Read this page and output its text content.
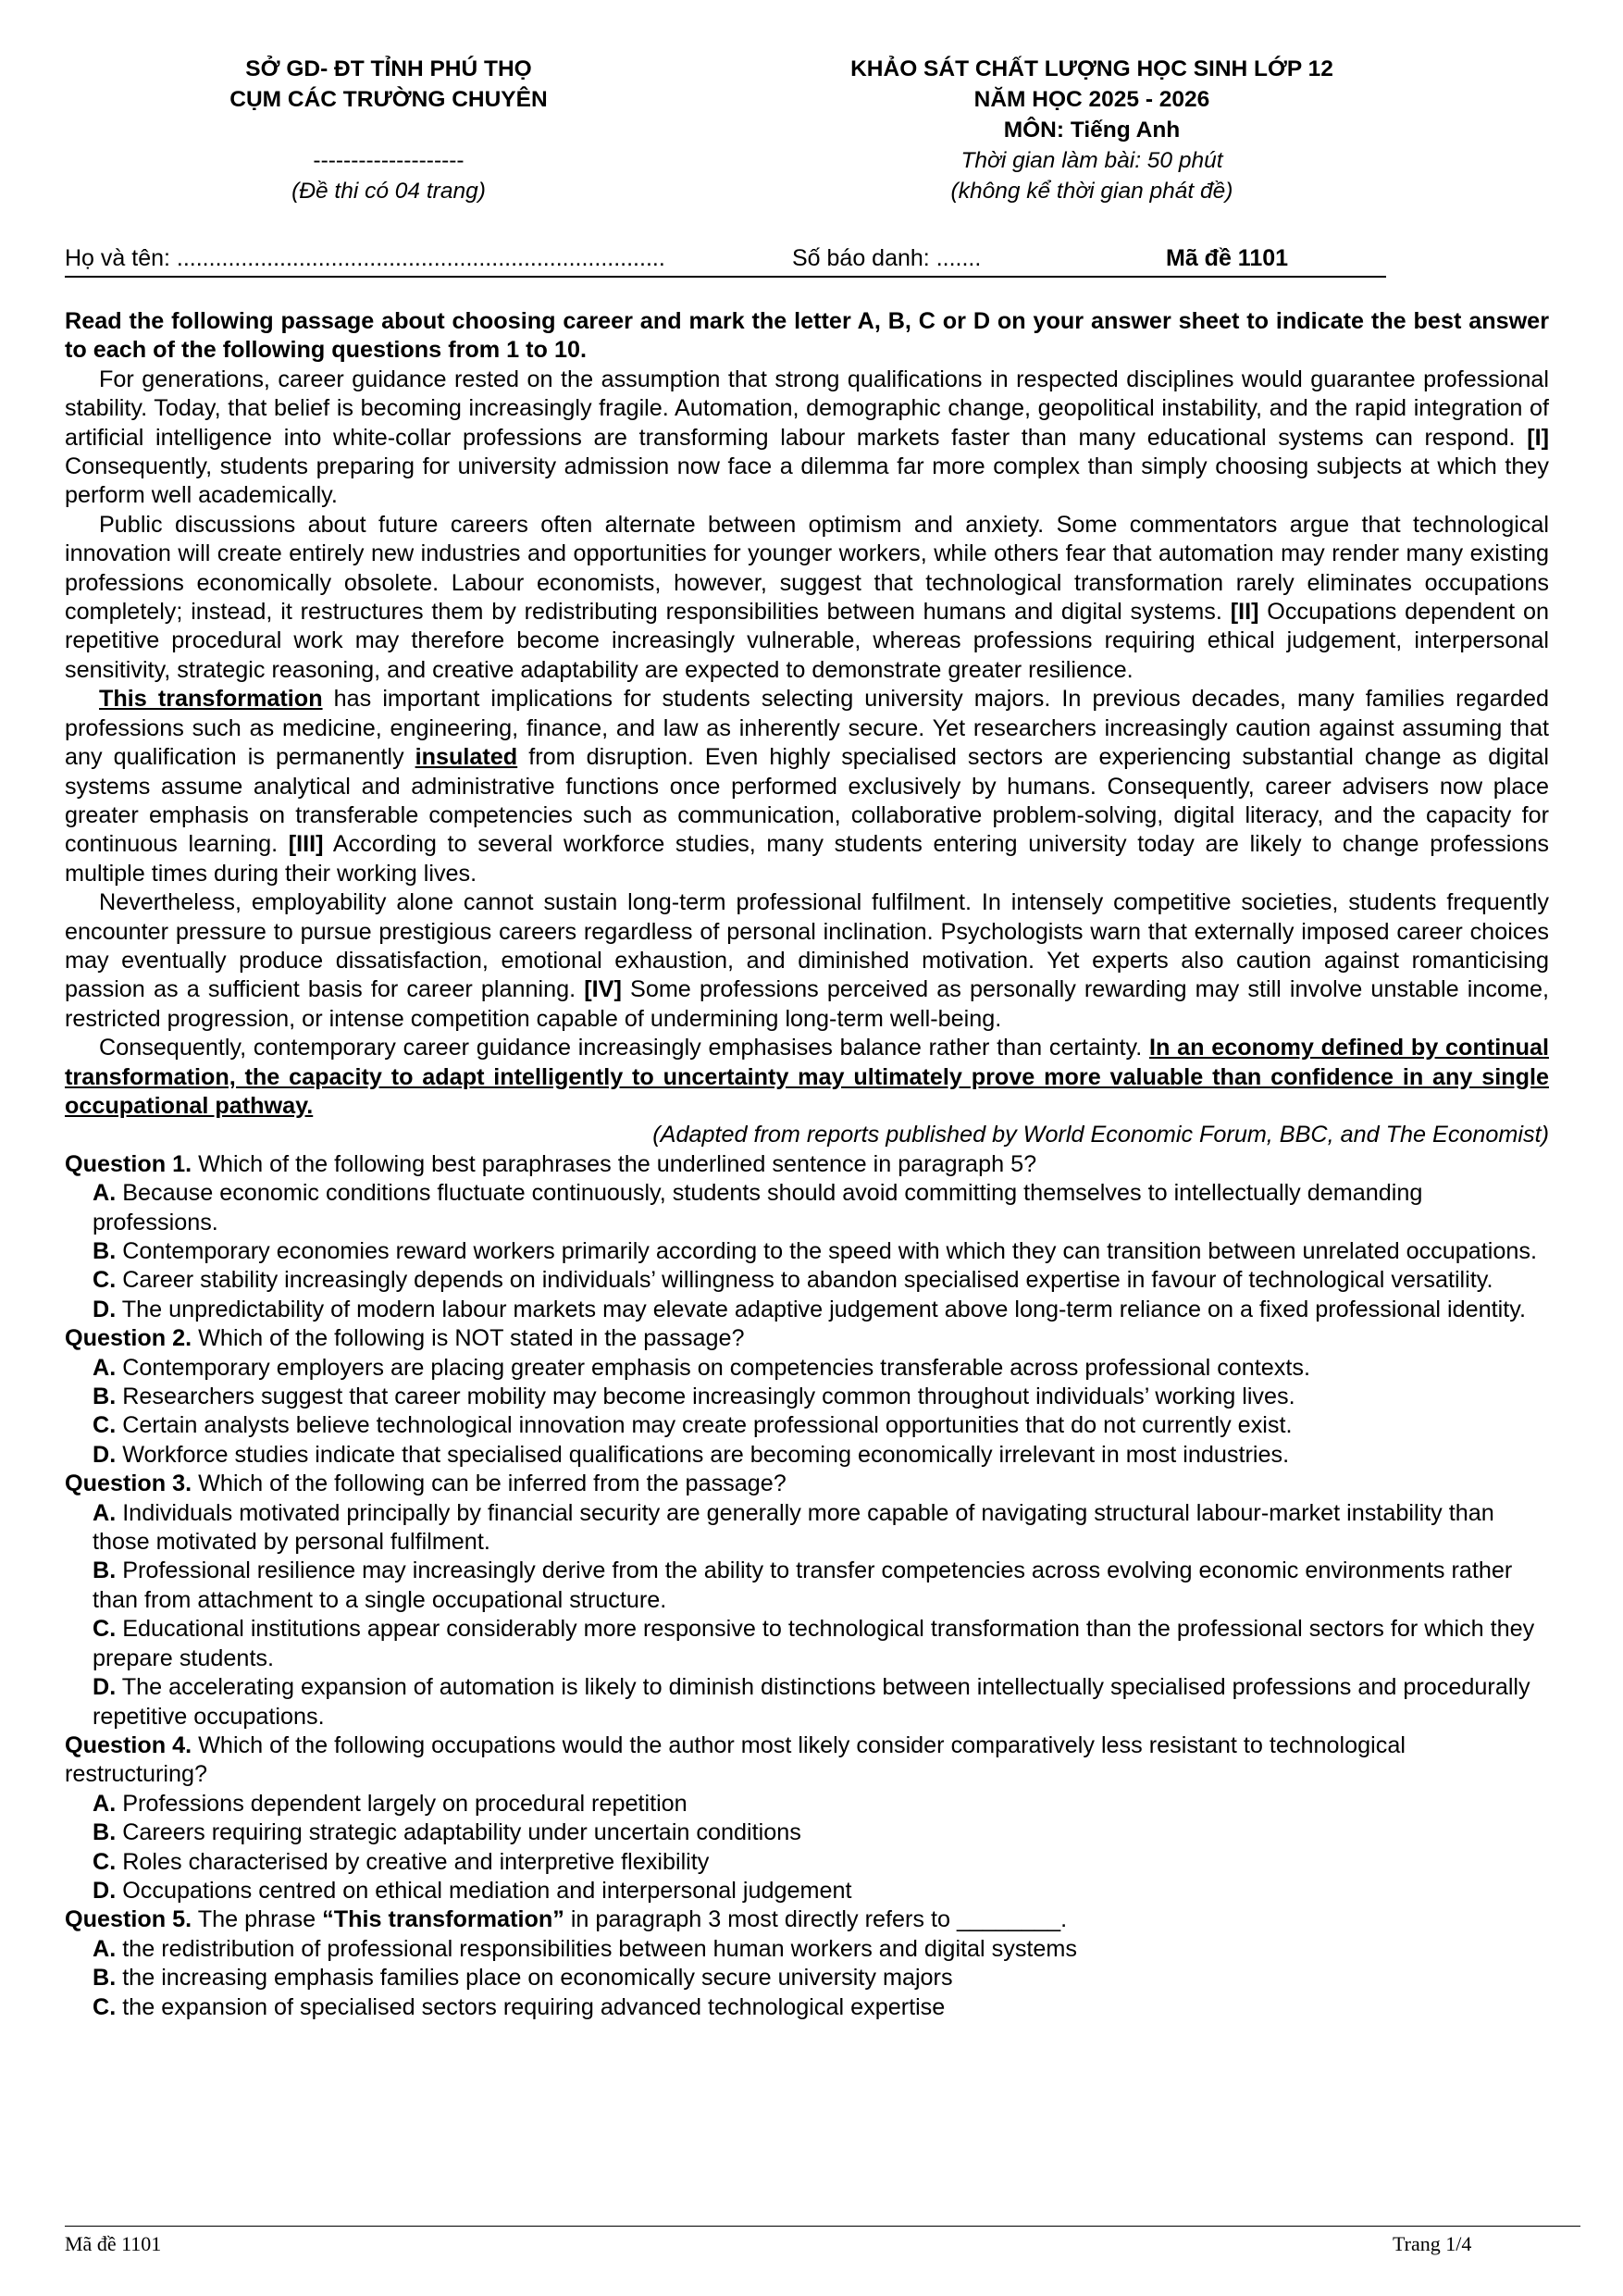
SỞ GD- ĐT TỈNH PHÚ THỌ
CỤM CÁC TRƯỜNG CHUYÊN
--------------------
(Đề thi có 04 trang)
KHẢO SÁT CHẤT LƯỢNG HỌC SINH LỚP 12
NĂM HỌC 2025 - 2026
MÔN: Tiếng Anh
Thời gian làm bài: 50 phút
(không kể thời gian phát đề)
Họ và tên: ............................................................................	Số báo danh: .......	Mã đề 1101

Read the following passage about choosing career and mark the letter A, B, C or D on your answer sheet to indicate the best answer to each of the following questions from 1 to 10.

For generations, career guidance rested on the assumption that strong qualifications in respected disciplines would guarantee professional stability. Today, that belief is becoming increasingly fragile. Automation, demographic change, geopolitical instability, and the rapid integration of artificial intelligence into white-collar professions are transforming labour markets faster than many educational systems can respond. [I] Consequently, students preparing for university admission now face a dilemma far more complex than simply choosing subjects at which they perform well academically.

Public discussions about future careers often alternate between optimism and anxiety. Some commentators argue that technological innovation will create entirely new industries and opportunities for younger workers, while others fear that automation may render many existing professions economically obsolete. Labour economists, however, suggest that technological transformation rarely eliminates occupations completely; instead, it restructures them by redistributing responsibilities between humans and digital systems. [II] Occupations dependent on repetitive procedural work may therefore become increasingly vulnerable, whereas professions requiring ethical judgement, interpersonal sensitivity, strategic reasoning, and creative adaptability are expected to demonstrate greater resilience.

This transformation has important implications for students selecting university majors. In previous decades, many families regarded professions such as medicine, engineering, finance, and law as inherently secure. Yet researchers increasingly caution against assuming that any qualification is permanently insulated from disruption. Even highly specialised sectors are experiencing substantial change as digital systems assume analytical and administrative functions once performed exclusively by humans. Consequently, career advisers now place greater emphasis on transferable competencies such as communication, collaborative problem-solving, digital literacy, and the capacity for continuous learning. [III] According to several workforce studies, many students entering university today are likely to change professions multiple times during their working lives.

Nevertheless, employability alone cannot sustain long-term professional fulfilment. In intensely competitive societies, students frequently encounter pressure to pursue prestigious careers regardless of personal inclination. Psychologists warn that externally imposed career choices may eventually produce dissatisfaction, emotional exhaustion, and diminished motivation. Yet experts also caution against romanticising passion as a sufficient basis for career planning. [IV] Some professions perceived as personally rewarding may still involve unstable income, restricted progression, or intense competition capable of undermining long-term well-being.

Consequently, contemporary career guidance increasingly emphasises balance rather than certainty. In an economy defined by continual transformation, the capacity to adapt intelligently to uncertainty may ultimately prove more valuable than confidence in any single occupational pathway.

(Adapted from reports published by World Economic Forum, BBC, and The Economist)

Question 1. Which of the following best paraphrases the underlined sentence in paragraph 5?

A. Because economic conditions fluctuate continuously, students should avoid committing themselves to intellectually demanding professions.

B. Contemporary economies reward workers primarily according to the speed with which they can transition between unrelated occupations.

C. Career stability increasingly depends on individuals’ willingness to abandon specialised expertise in favour of technological versatility.

D. The unpredictability of modern labour markets may elevate adaptive judgement above long-term reliance on a fixed professional identity.

Question 2. Which of the following is NOT stated in the passage?

A. Contemporary employers are placing greater emphasis on competencies transferable across professional contexts.

B. Researchers suggest that career mobility may become increasingly common throughout individuals’ working lives.

C. Certain analysts believe technological innovation may create professional opportunities that do not currently exist.

D. Workforce studies indicate that specialised qualifications are becoming economically irrelevant in most industries.

Question 3. Which of the following can be inferred from the passage?

A. Individuals motivated principally by financial security are generally more capable of navigating structural labour-market instability than those motivated by personal fulfilment.

B. Professional resilience may increasingly derive from the ability to transfer competencies across evolving economic environments rather than from attachment to a single occupational structure.

C. Educational institutions appear considerably more responsive to technological transformation than the professional sectors for which they prepare students.

D. The accelerating expansion of automation is likely to diminish distinctions between intellectually specialised professions and procedurally repetitive occupations.

Question 4. Which of the following occupations would the author most likely consider comparatively less resistant to technological restructuring?

A. Professions dependent largely on procedural repetition

B. Careers requiring strategic adaptability under uncertain conditions

C. Roles characterised by creative and interpretive flexibility

D. Occupations centred on ethical mediation and interpersonal judgement

Question 5. The phrase “This transformation” in paragraph 3 most directly refers to ________.

A. the redistribution of professional responsibilities between human workers and digital systems

B. the increasing emphasis families place on economically secure university majors

C. the expansion of specialised sectors requiring advanced technological expertise

Mã đề 1101	Trang 1/4
